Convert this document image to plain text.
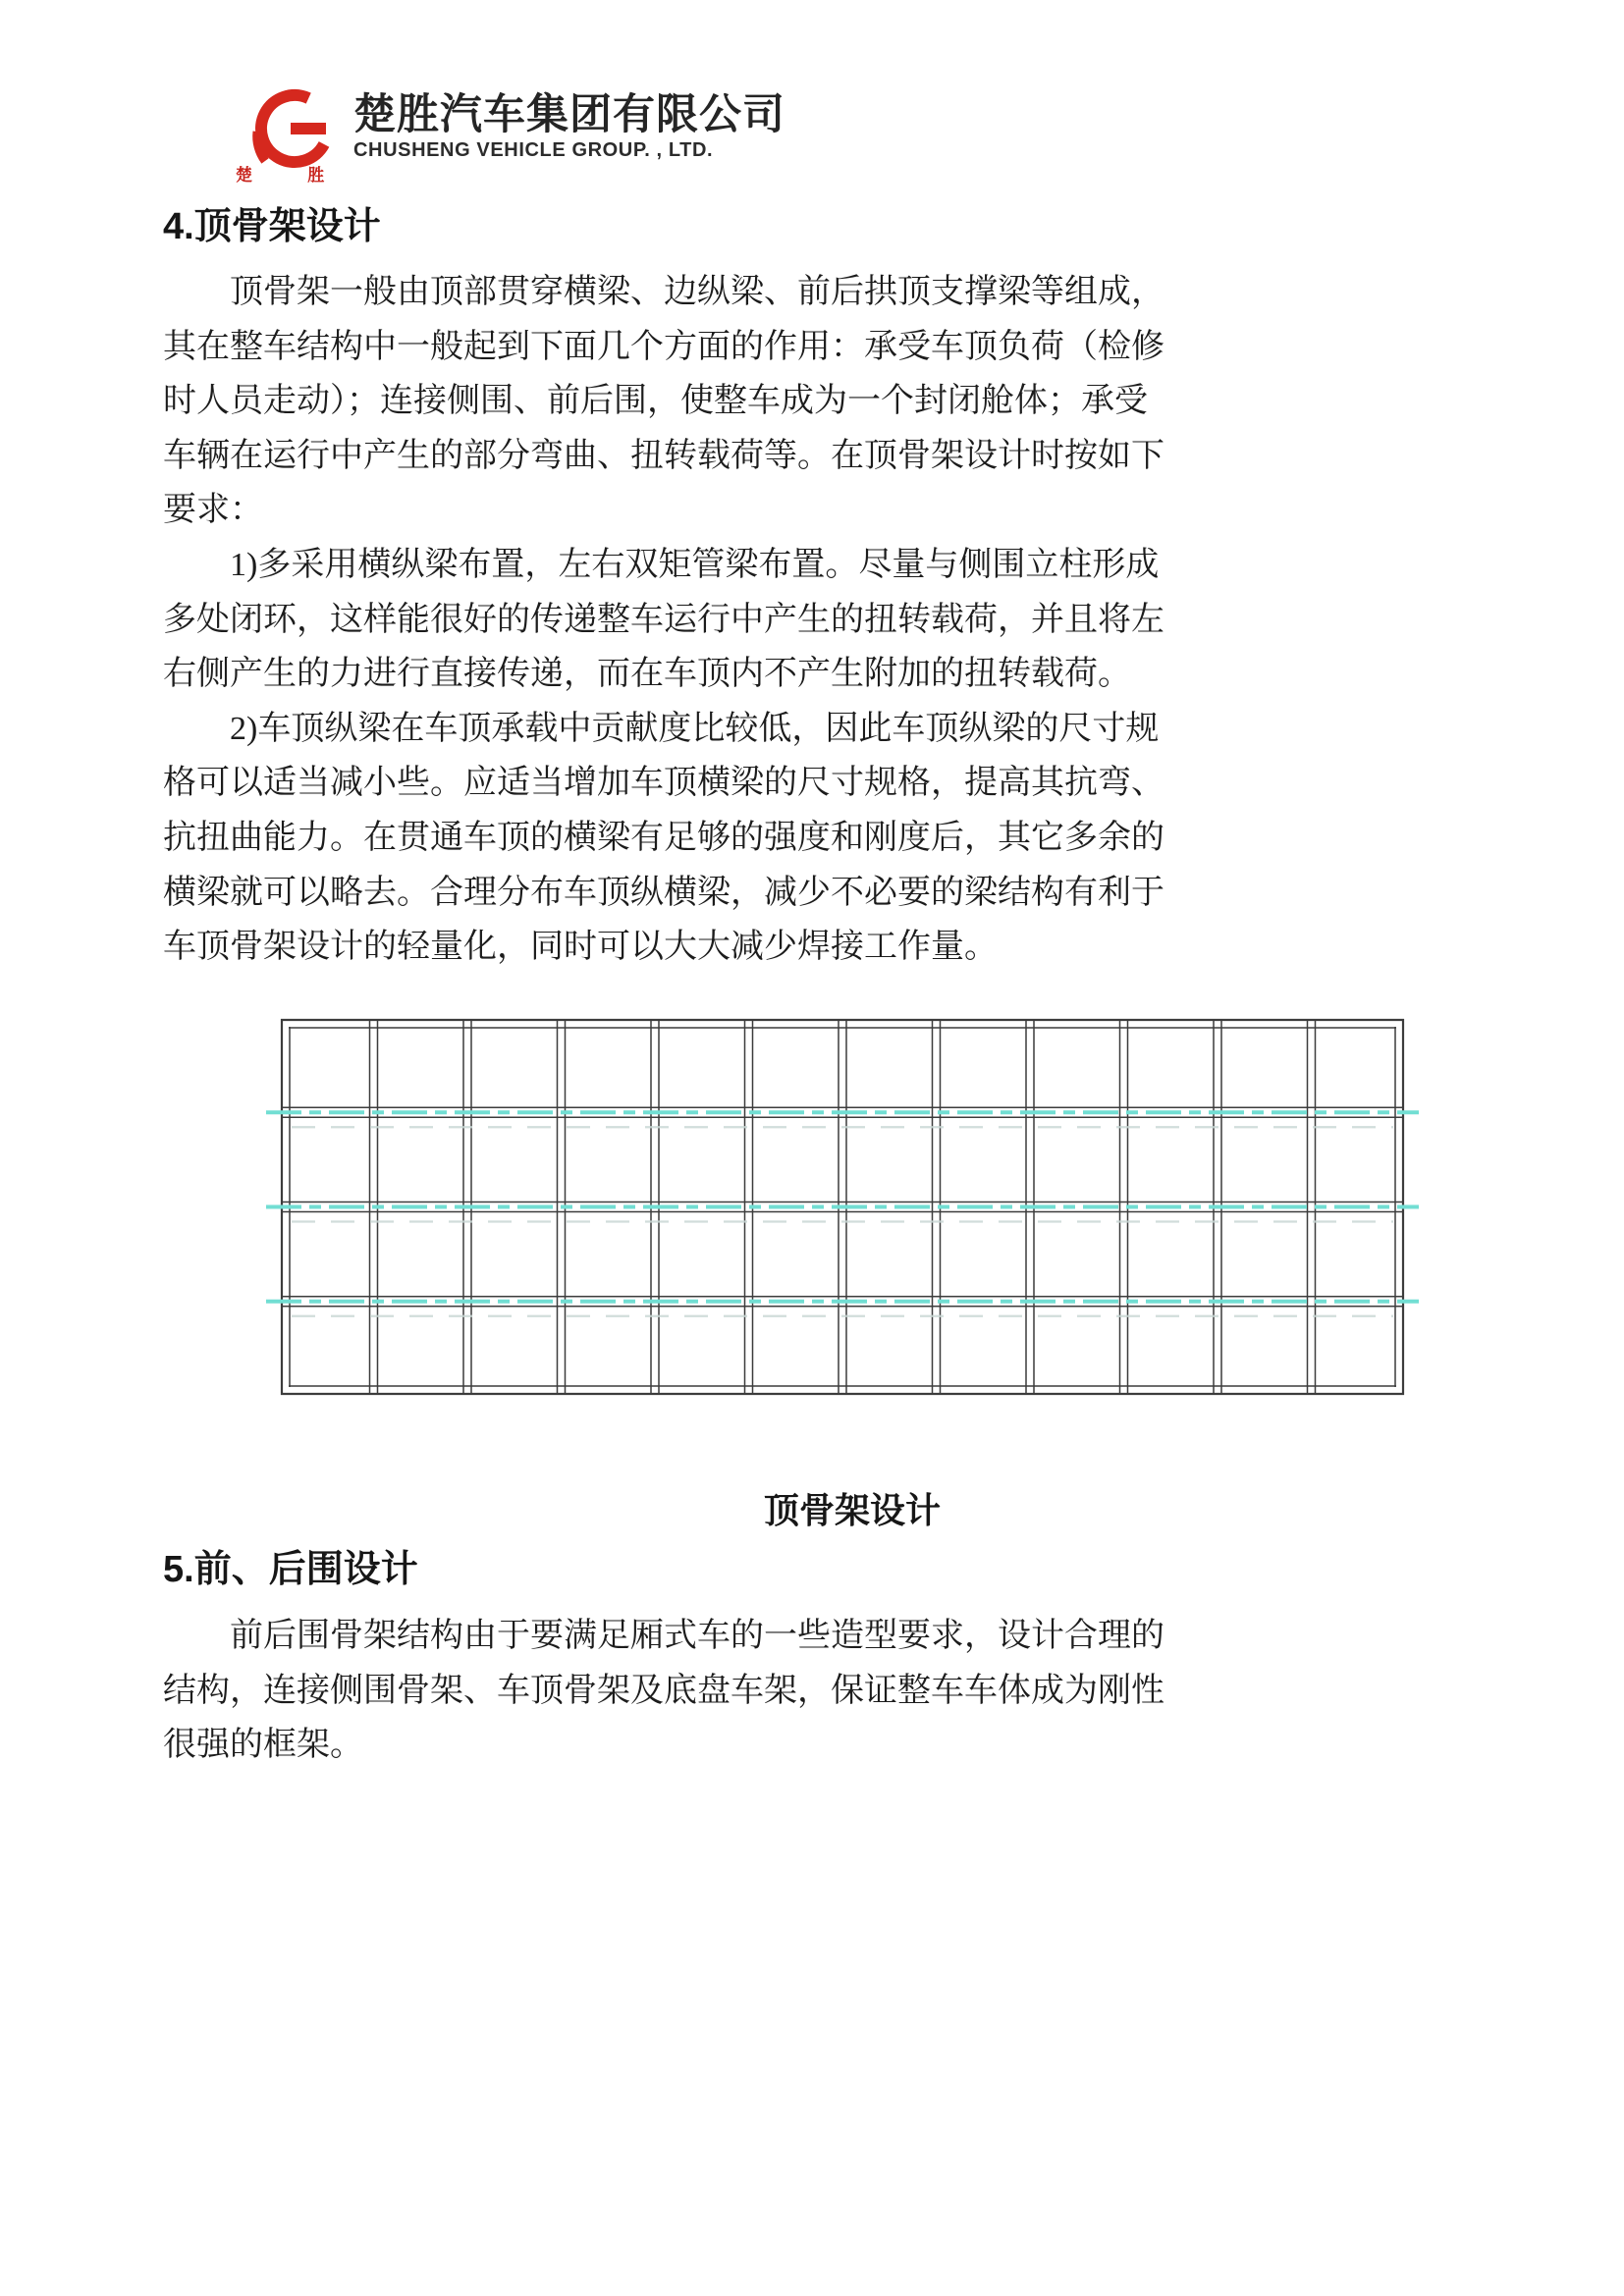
楚 胜
楚胜汽车集团有限公司
CHUSHENG VEHICLE GROUP. , LTD.
4.顶骨架设计
顶骨架一般由顶部贯穿横梁、边纵梁、前后拱顶支撑梁等组成，
其在整车结构中一般起到下面几个方面的作用：承受车顶负荷（检修
时人员走动）；连接侧围、前后围，使整车成为一个封闭舱体；承受
车辆在运行中产生的部分弯曲、扭转载荷等。在顶骨架设计时按如下
要求：
1)多采用横纵梁布置，左右双矩管梁布置。尽量与侧围立柱形成
多处闭环，这样能很好的传递整车运行中产生的扭转载荷，并且将左
右侧产生的力进行直接传递，而在车顶内不产生附加的扭转载荷。
2)车顶纵梁在车顶承载中贡献度比较低，因此车顶纵梁的尺寸规
格可以适当减小些。应适当增加车顶横梁的尺寸规格，提高其抗弯、
抗扭曲能力。在贯通车顶的横梁有足够的强度和刚度后，其它多余的
横梁就可以略去。合理分布车顶纵横梁，减少不必要的梁结构有利于
车顶骨架设计的轻量化，同时可以大大减少焊接工作量。
顶骨架设计
5.前、后围设计
前后围骨架结构由于要满足厢式车的一些造型要求，设计合理的
结构，连接侧围骨架、车顶骨架及底盘车架，保证整车车体成为刚性
很强的框架。
